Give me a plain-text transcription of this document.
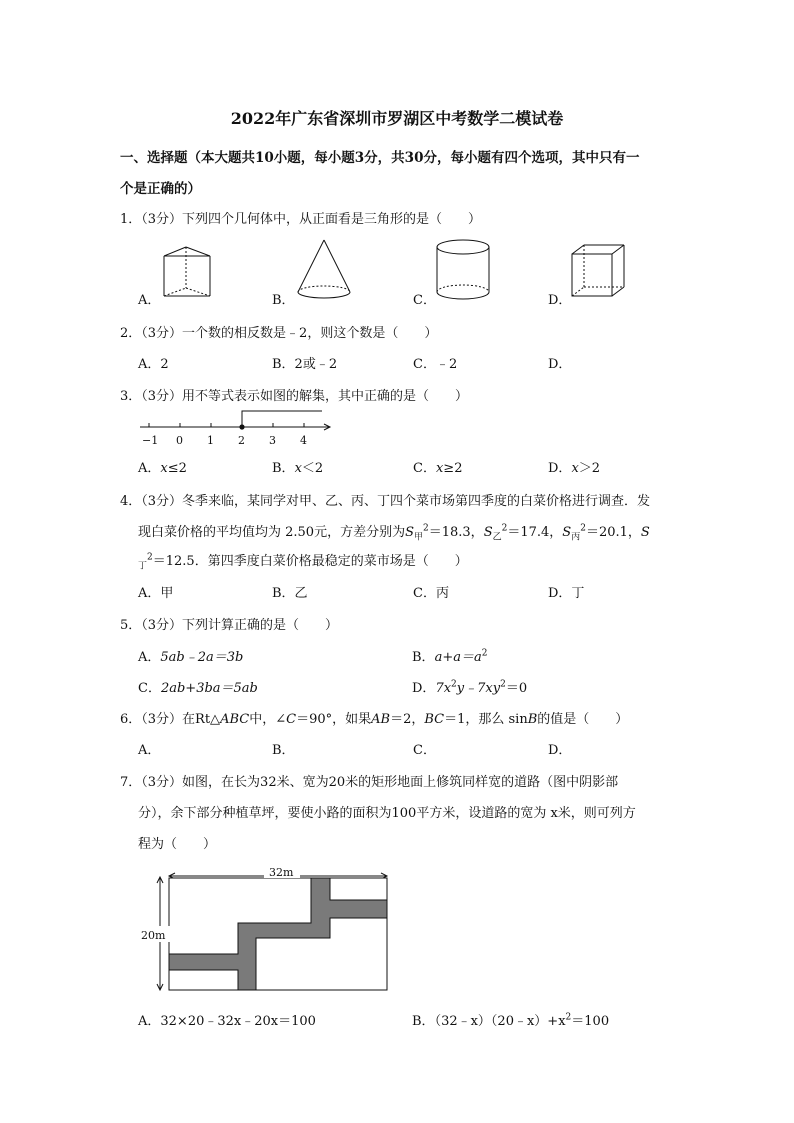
2022年广东省深圳市罗湖区中考数学二模试卷
一、选择题（本大题共10小题，每小题3分，共30分，每小题有四个选项，其中只有一
个是正确的）
1．（3分）下列四个几何体中，从正面看是三角形的是（　　）
A．	B．	C．	D．
2．（3分）一个数的相反数是﹣2，则这个数是（　　）
A．2	B．2或﹣2	C．﹣2	D．
3．（3分）用不等式表示如图的解集，其中正确的是（　　）
−1 0 1 2 3 4
A．x≤2	B．x＜2	C．x≥2	D．x＞2
4．（3分）冬季来临，某同学对甲、乙、丙、丁四个菜市场第四季度的白菜价格进行调查．发
现白菜价格的平均值均为 2.50元，方差分别为$S_甲^2=18.3$，$S_乙^2=17.4$，$S_丙^2=20.1$，S
$_丁^2$＝12.5．第四季度白菜价格最稳定的菜市场是（　　）
A．甲	B．乙	C．丙	D．丁
5．（3分）下列计算正确的是（　　）
A．5ab﹣2a＝3b	B．$a+a=a^2$
C．2ab+3ba＝5ab	D．$7x^2y﹣7xy^2=0$
6．（3分）在Rt△ABC中，∠C＝90°，如果AB＝2，BC＝1，那么 sinB的值是（　　）
A．	B．	C．	D．
7．（3分）如图，在长为32米、宽为20米的矩形地面上修筑同样宽的道路（图中阴影部
分），余下部分种植草坪，要使小路的面积为100平方米，设道路的宽为 x米，则可列方
程为（　　）
32m
20m
A．32×20﹣32x﹣20x＝100	B．$(32﹣x)(20﹣x)+x^2=100$
